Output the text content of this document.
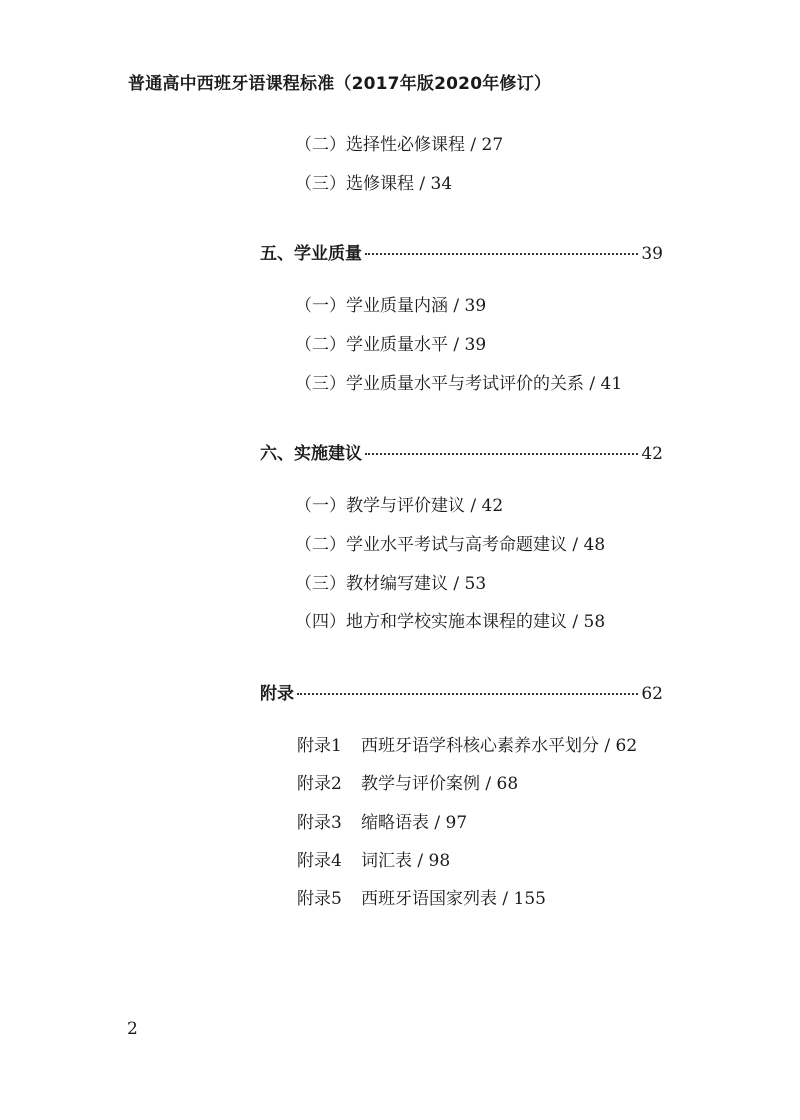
普通高中西班牙语课程标准（2017年版2020年修订）
（二）选择性必修课程 / 27
（三）选修课程 / 34
五、学业质量	39
（一）学业质量内涵 / 39
（二）学业质量水平 / 39
（三）学业质量水平与考试评价的关系 / 41
六、实施建议	42
（一）教学与评价建议 / 42
（二）学业水平考试与高考命题建议 / 48
（三）教材编写建议 / 53
（四）地方和学校实施本课程的建议 / 58
附录	62
附录1 西班牙语学科核心素养水平划分 / 62
附录2 教学与评价案例 / 68
附录3 缩略语表 / 97
附录4 词汇表 / 98
附录5 西班牙语国家列表 / 155
2
